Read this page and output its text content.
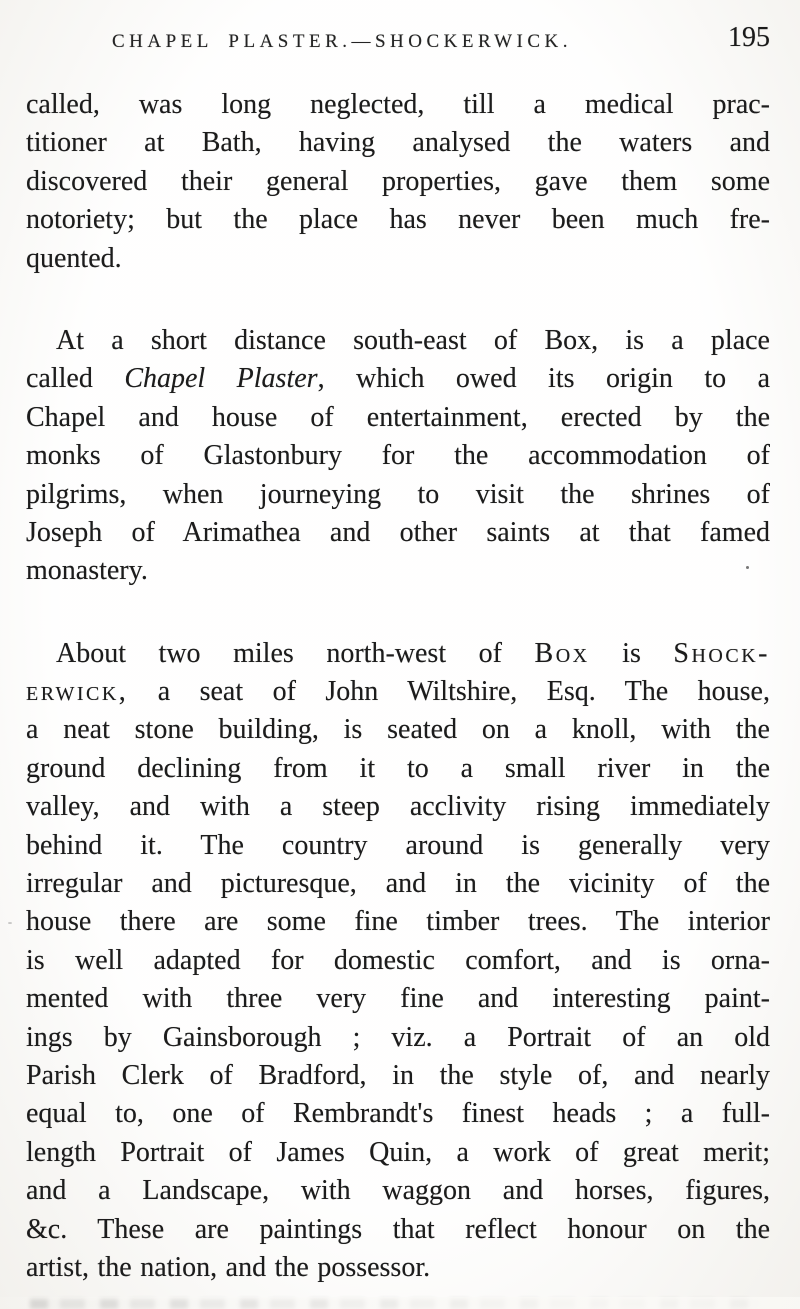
CHAPEL PLASTER.—SHOCKERWICK.	195
called, was long neglected, till a medical prac-
titioner at Bath, having analysed the waters and
discovered their general properties, gave them some
notoriety; but the place has never been much fre-
quented.
At a short distance south-east of Box, is a place
called Chapel Plaster, which owed its origin to a
Chapel and house of entertainment, erected by the
monks of Glastonbury for the accommodation of
pilgrims, when journeying to visit the shrines of
Joseph of Arimathea and other saints at that famed
monastery.
About two miles north-west of Box is Shock-
erwick, a seat of John Wiltshire, Esq. The house,
a neat stone building, is seated on a knoll, with the
ground declining from it to a small river in the
valley, and with a steep acclivity rising immediately
behind it. The country around is generally very
irregular and picturesque, and in the vicinity of the
house there are some fine timber trees. The interior
is well adapted for domestic comfort, and is orna-
mented with three very fine and interesting paint-
ings by Gainsborough ; viz. a Portrait of an old
Parish Clerk of Bradford, in the style of, and nearly
equal to, one of Rembrandt's finest heads ; a full-
length Portrait of James Quin, a work of great merit;
and a Landscape, with waggon and horses, figures,
&c. These are paintings that reflect honour on the
artist, the nation, and the possessor.
